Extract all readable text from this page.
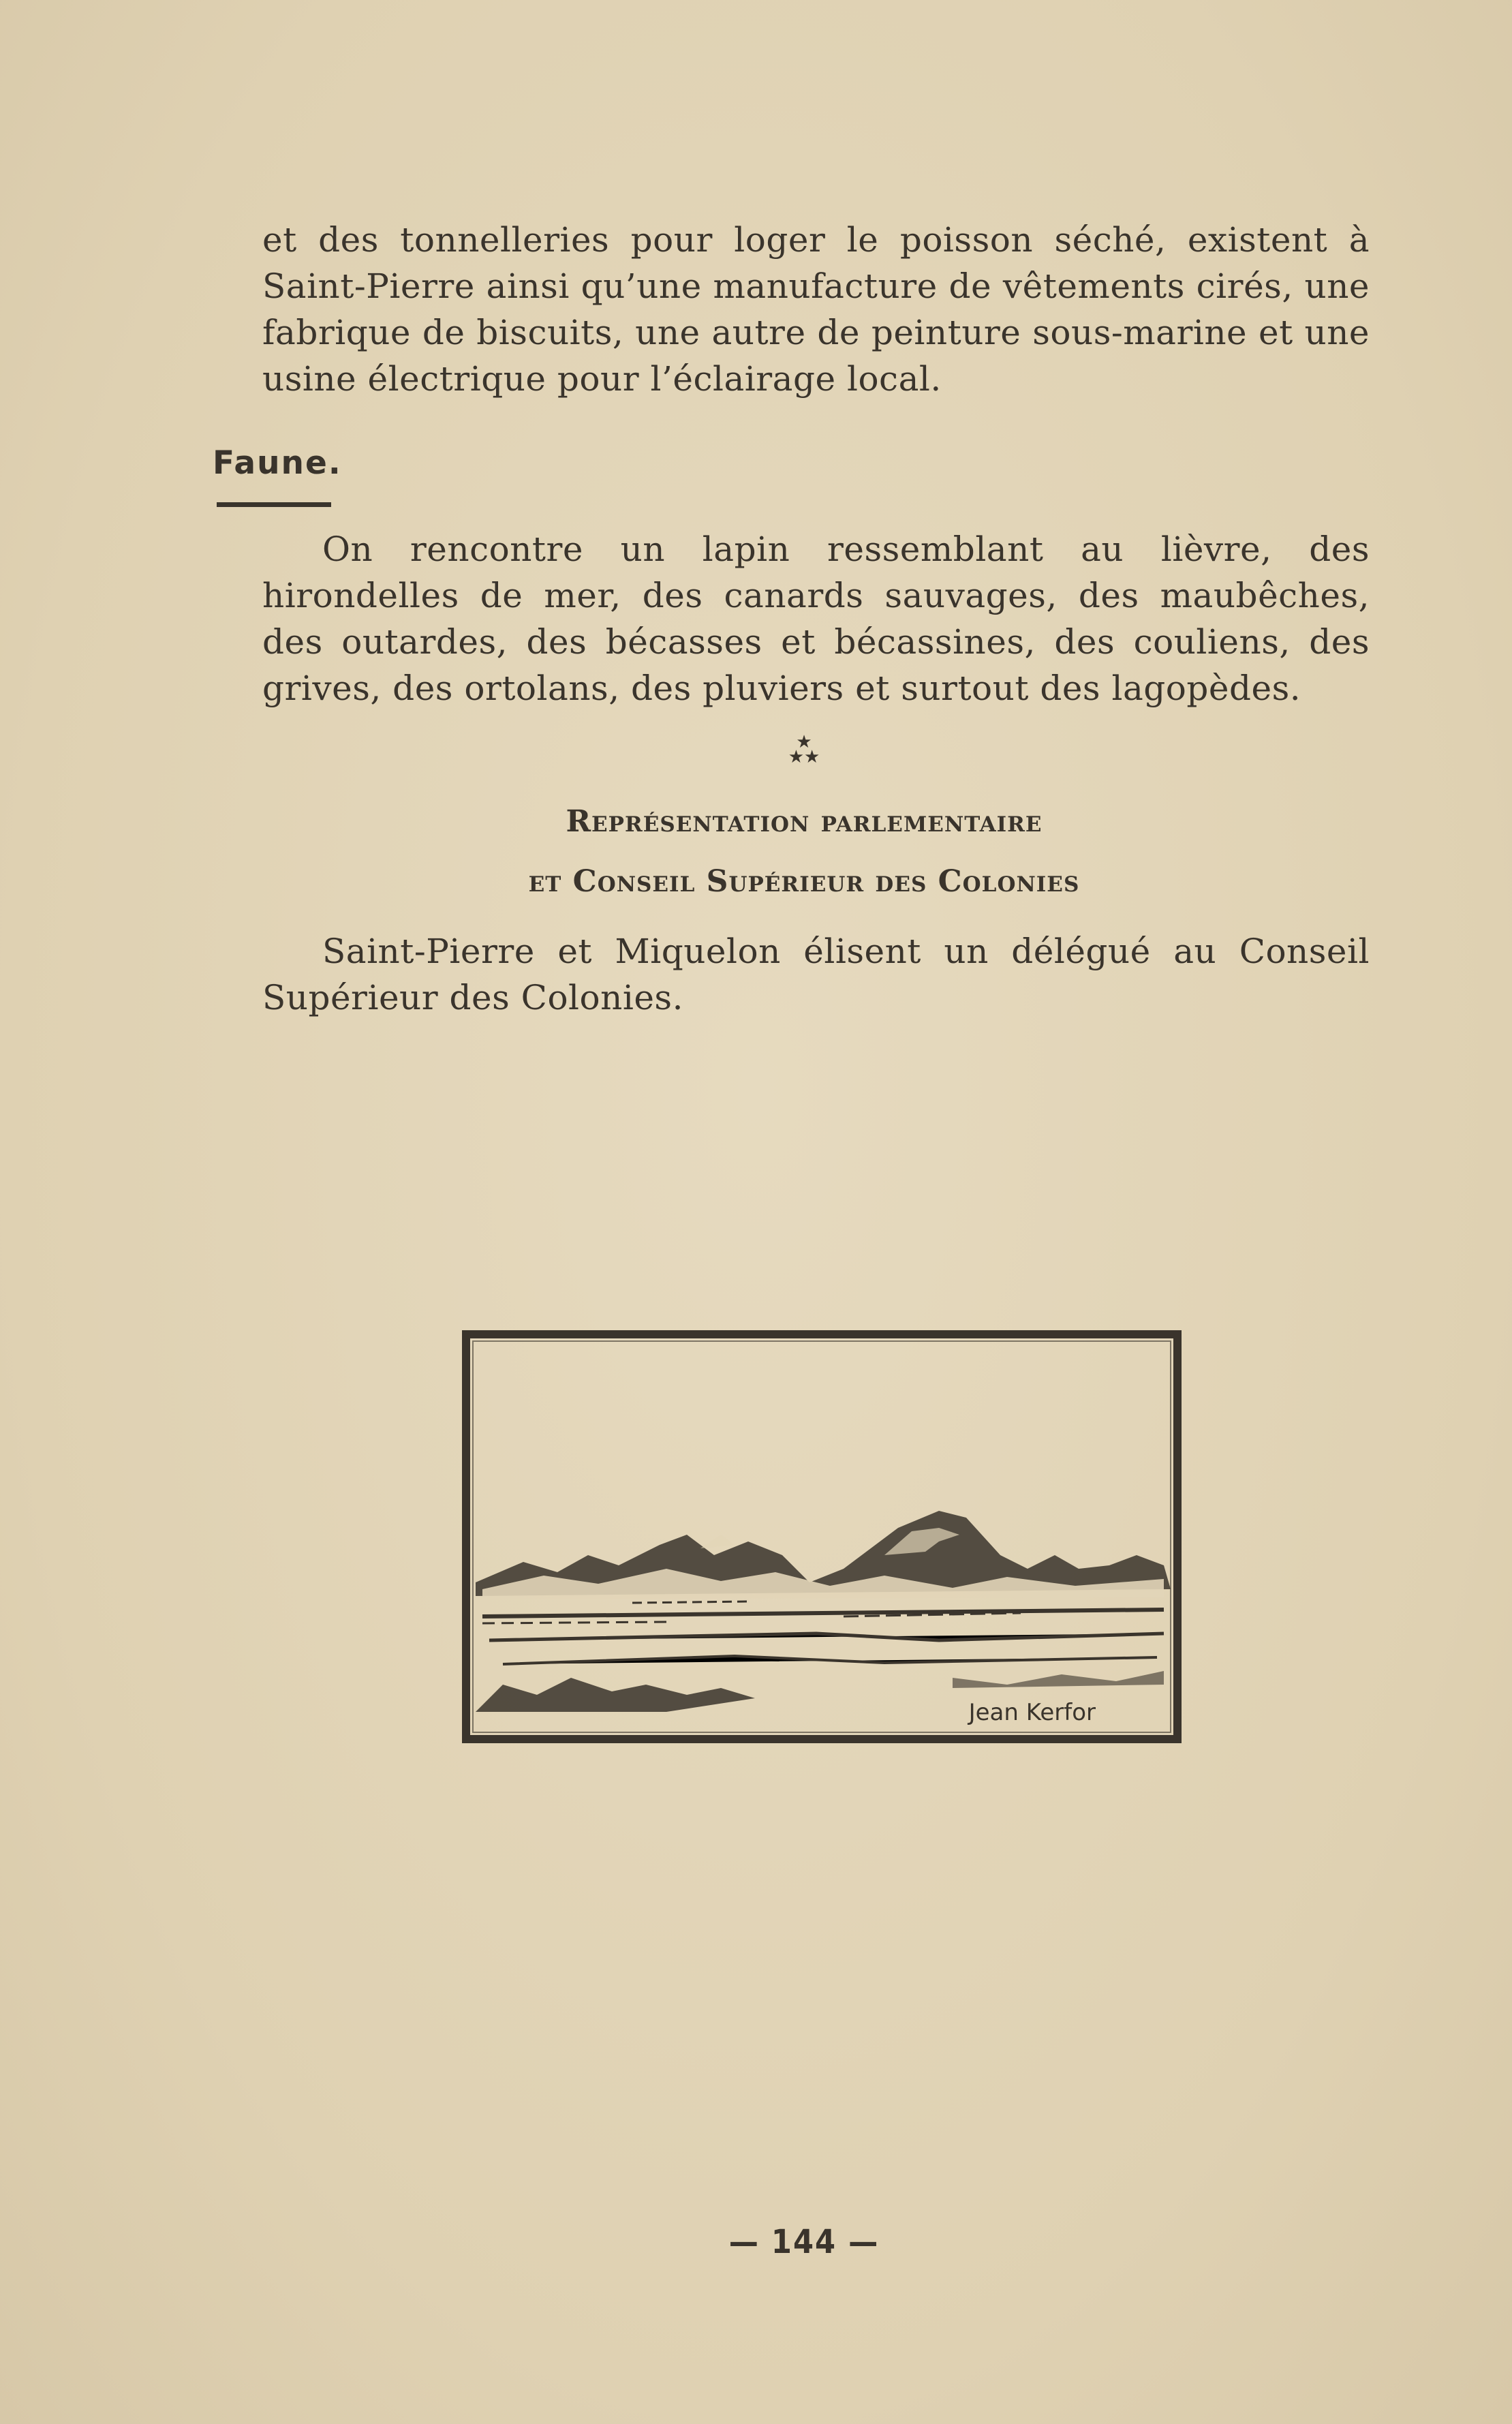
et des tonnelleries pour loger le poisson séché, existent à Saint-Pierre ainsi qu’une manufacture de vêtements cirés, une fabrique de biscuits, une autre de peinture sous-marine et une usine électrique pour l’éclairage local.

Faune.

On rencontre un lapin ressemblant au lièvre, des hirondelles de mer, des canards sauvages, des maubêches, des outardes, des bécasses et bécassines, des couliens, des grives, des ortolans, des pluviers et surtout des lagopèdes.

★
★★
Représentation parlementaire
et Conseil Supérieur des Colonies

Saint-Pierre et Miquelon élisent un délégué au Conseil Supérieur des Colonies.

Jean Kerfor
— 144 —
